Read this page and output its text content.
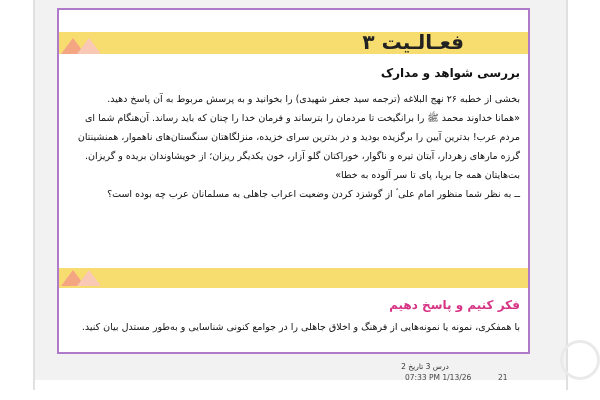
فعـالـیت ۳
بررسی شواهد و مدارک
بخشی از خطبه ۲۶ نهج البلاغه (ترجمه سید جعفر شهیدی) را بخوانید و به پرسش مربوط به آن پاسخ دهید.
«همانا خداوند محمد ﷺ را برانگیخت تا مردمان را بترساند و فرمان خدا را چنان که باید رساند. آن‌هنگام شما ای مردم عرب! بدترین آیین را برگزیده بودید و در بدترین سرای خزیده، منزلگاهتان سنگستان‌های ناهموار، همنشینتان گرزه مارهای زهردار، آبتان تیره و ناگوار، خوراکتان گلو آزار، خون یکدیگر ریزان؛ از خویشاوندان بریده و گریزان. بت‌هایتان همه جا برپا، پای تا سر آلوده به خطا»
ــ به نظر شما منظور امام علی ؑ از گوشزد کردن وضعیت اعراب جاهلی به مسلمانان عرب چه بوده است؟
فکر کنیم و پاسخ دهیم
با همفکری، نمونه یا نمونه‌هایی از فرهنگ و اخلاق جاهلی را در جوامع کنونی شناسایی و به‌طور مستدل بیان کنید.
درس 3 تاریخ 2
07:33 PM 1/13/26	21
